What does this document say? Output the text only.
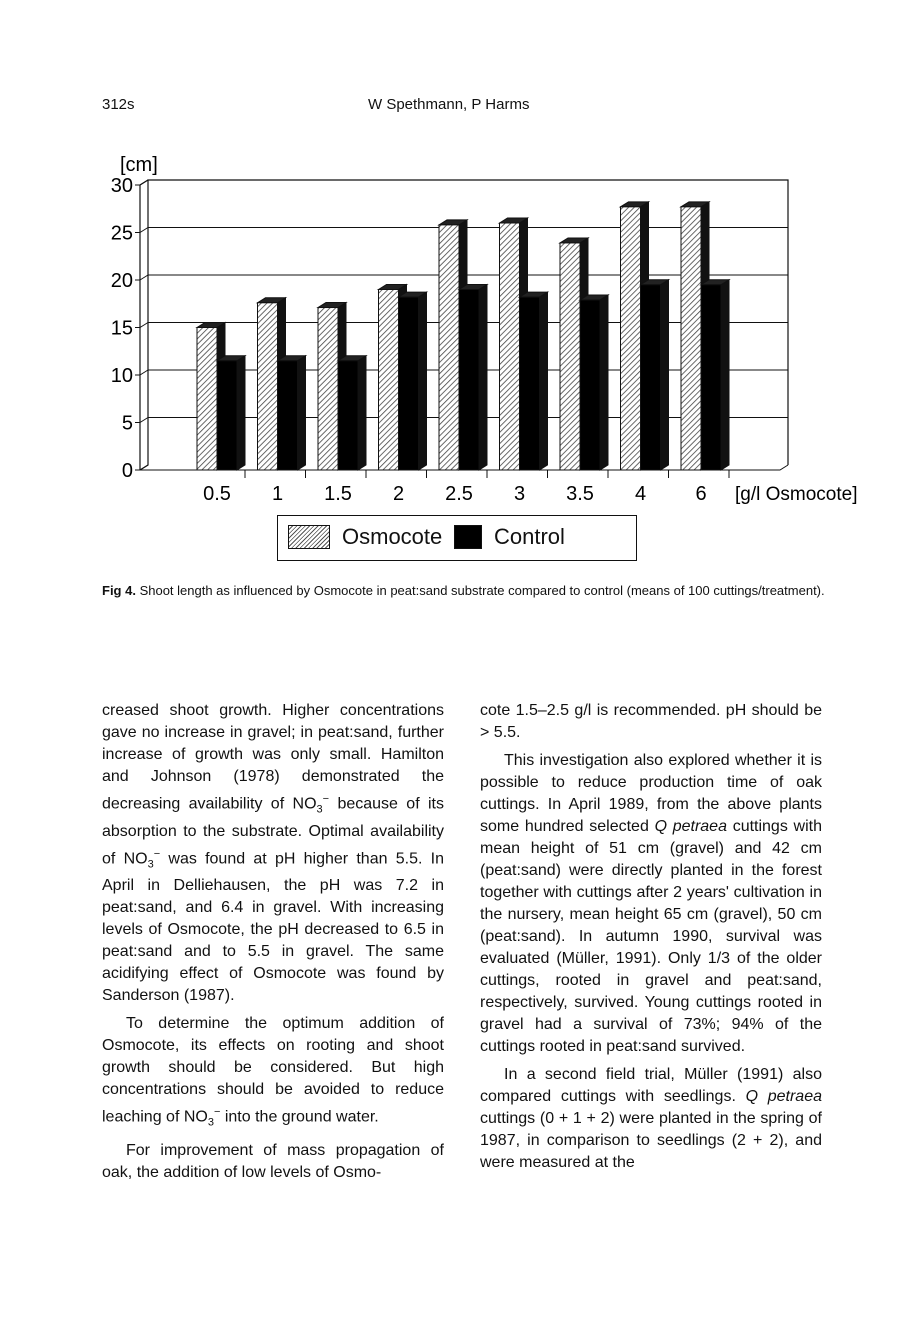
312s	W Spethmann, P Harms
0
5
10
15
20
25
30
[cm]
0.5 1 1.5 2 2.5 3 3.5 4 6 [g/l Osmocote]
Osmocote Control
Fig 4. Shoot length as influenced by Osmocote in peat:sand substrate compared to control (means of 100 cuttings/treatment).

creased shoot growth. Higher concentrations gave no increase in gravel; in peat:sand, further increase of growth was only small. Hamilton and Johnson (1978) demonstrated the decreasing availability of $NO_3^-$ because of its absorption to the substrate. Optimal availability of $NO_3^-$ was found at pH higher than 5.5. In April in Delliehausen, the pH was 7.2 in peat:sand, and 6.4 in gravel. With increasing levels of Osmocote, the pH decreased to 6.5 in peat:sand and to 5.5 in gravel. The same acidifying effect of Osmocote was found by Sanderson (1987).

To determine the optimum addition of Osmocote, its effects on rooting and shoot growth should be considered. But high concentrations should be avoided to reduce leaching of $NO_3^-$ into the ground water.

For improvement of mass propagation of oak, the addition of low levels of Osmo-

cote 1.5–2.5 g/l is recommended. pH should be > 5.5.

This investigation also explored whether it is possible to reduce production time of oak cuttings. In April 1989, from the above plants some hundred selected Q petraea cuttings with mean height of 51 cm (gravel) and 42 cm (peat:sand) were directly planted in the forest together with cuttings after 2 years' cultivation in the nursery, mean height 65 cm (gravel), 50 cm (peat:sand). In autumn 1990, survival was evaluated (Müller, 1991). Only 1/3 of the older cuttings, rooted in gravel and peat:sand, respectively, survived. Young cuttings rooted in gravel had a survival of 73%; 94% of the cuttings rooted in peat:sand survived.

In a second field trial, Müller (1991) also compared cuttings with seedlings. Q petraea cuttings (0 + 1 + 2) were planted in the spring of 1987, in comparison to seedlings (2 + 2), and were measured at the
